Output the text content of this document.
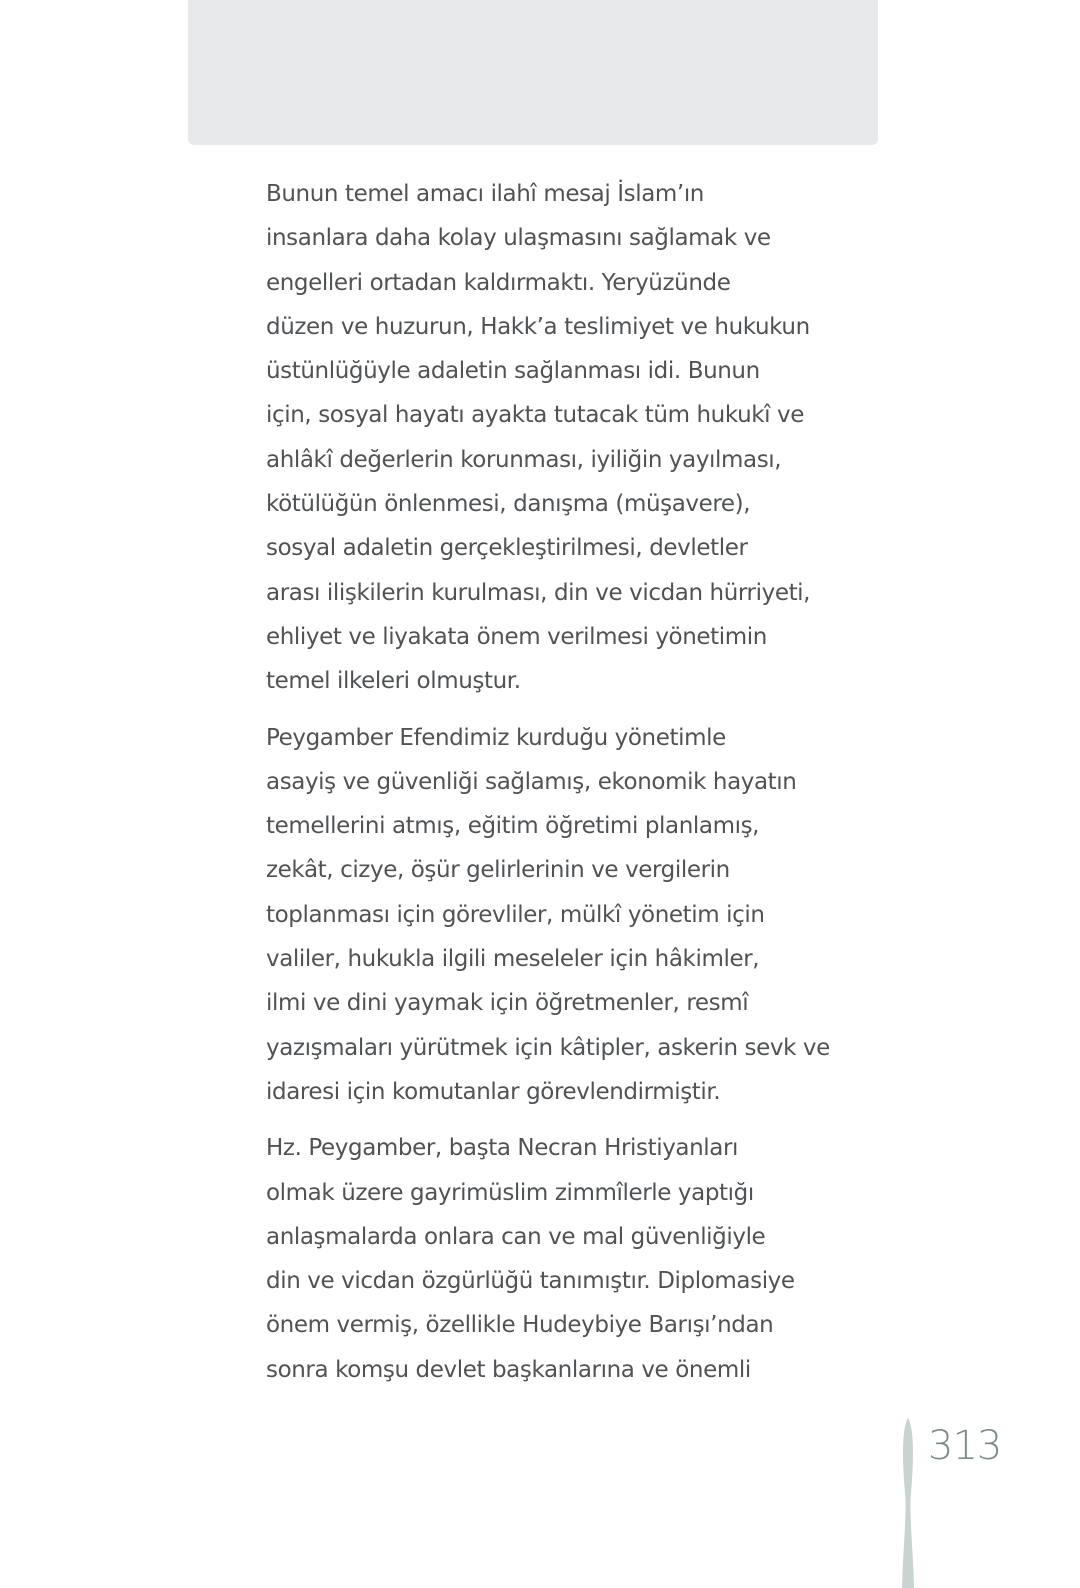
Bunun temel amacı ilahî mesaj İslam’ın
insanlara daha kolay ulaşmasını sağlamak ve
engelleri ortadan kaldırmaktı. Yeryüzünde
düzen ve huzurun, Hakk’a teslimiyet ve hukukun
üstünlüğüyle adaletin sağlanması idi. Bunun
için, sosyal hayatı ayakta tutacak tüm hukukî ve
ahlâkî değerlerin korunması, iyiliğin yayılması,
kötülüğün önlenmesi, danışma (müşavere),
sosyal adaletin gerçekleştirilmesi, devletler
arası ilişkilerin kurulması, din ve vicdan hürriyeti,
ehliyet ve liyakata önem verilmesi yönetimin
temel ilkeleri olmuştur.

Peygamber Efendimiz kurduğu yönetimle
asayiş ve güvenliği sağlamış, ekonomik hayatın
temellerini atmış, eğitim öğretimi planlamış,
zekât, cizye, öşür gelirlerinin ve vergilerin
toplanması için görevliler, mülkî yönetim için
valiler, hukukla ilgili meseleler için hâkimler,
ilmi ve dini yaymak için öğretmenler, resmî
yazışmaları yürütmek için kâtipler, askerin sevk ve
idaresi için komutanlar görevlendirmiştir.

Hz. Peygamber, başta Necran Hristiyanları
olmak üzere gayrimüslim zimmîlerle yaptığı
anlaşmalarda onlara can ve mal güvenliğiyle
din ve vicdan özgürlüğü tanımıştır. Diplomasiye
önem vermiş, özellikle Hudeybiye Barışı’ndan
sonra komşu devlet başkanlarına ve önemli

313
